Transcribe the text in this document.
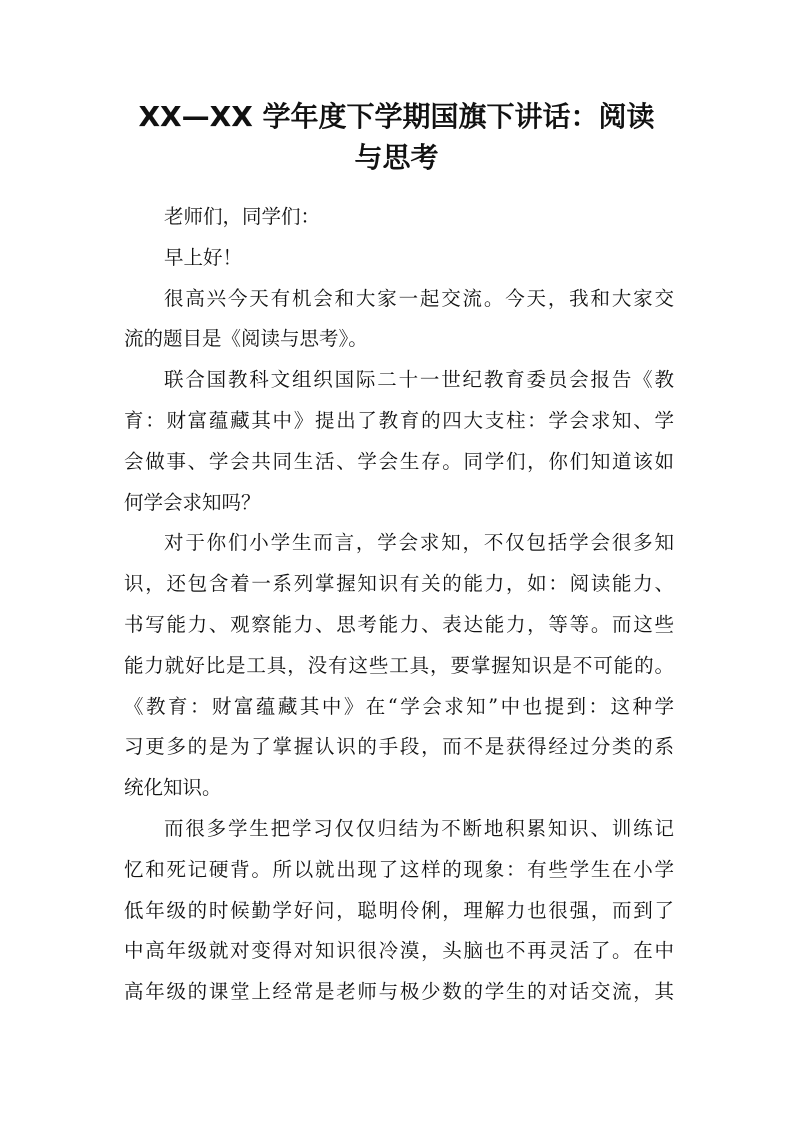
XX—XX 学年度下学期国旗下讲话：阅读
与思考
老师们，同学们：
早上好！
很高兴今天有机会和大家一起交流。今天，我和大家交
流的题目是《阅读与思考》。
联合国教科文组织国际二十一世纪教育委员会报告《教
育：财富蕴藏其中》提出了教育的四大支柱：学会求知、学
会做事、学会共同生活、学会生存。同学们，你们知道该如
何学会求知吗？
对于你们小学生而言，学会求知，不仅包括学会很多知
识，还包含着一系列掌握知识有关的能力，如：阅读能力、
书写能力、观察能力、思考能力、表达能力，等等。而这些
能力就好比是工具，没有这些工具，要掌握知识是不可能的。
《教育：财富蕴藏其中》在“学会求知”中也提到：这种学
习更多的是为了掌握认识的手段，而不是获得经过分类的系
统化知识。
而很多学生把学习仅仅归结为不断地积累知识、训练记
忆和死记硬背。所以就出现了这样的现象：有些学生在小学
低年级的时候勤学好问，聪明伶俐，理解力也很强，而到了
中高年级就对变得对知识很冷漠，头脑也不再灵活了。在中
高年级的课堂上经常是老师与极少数的学生的对话交流，其
